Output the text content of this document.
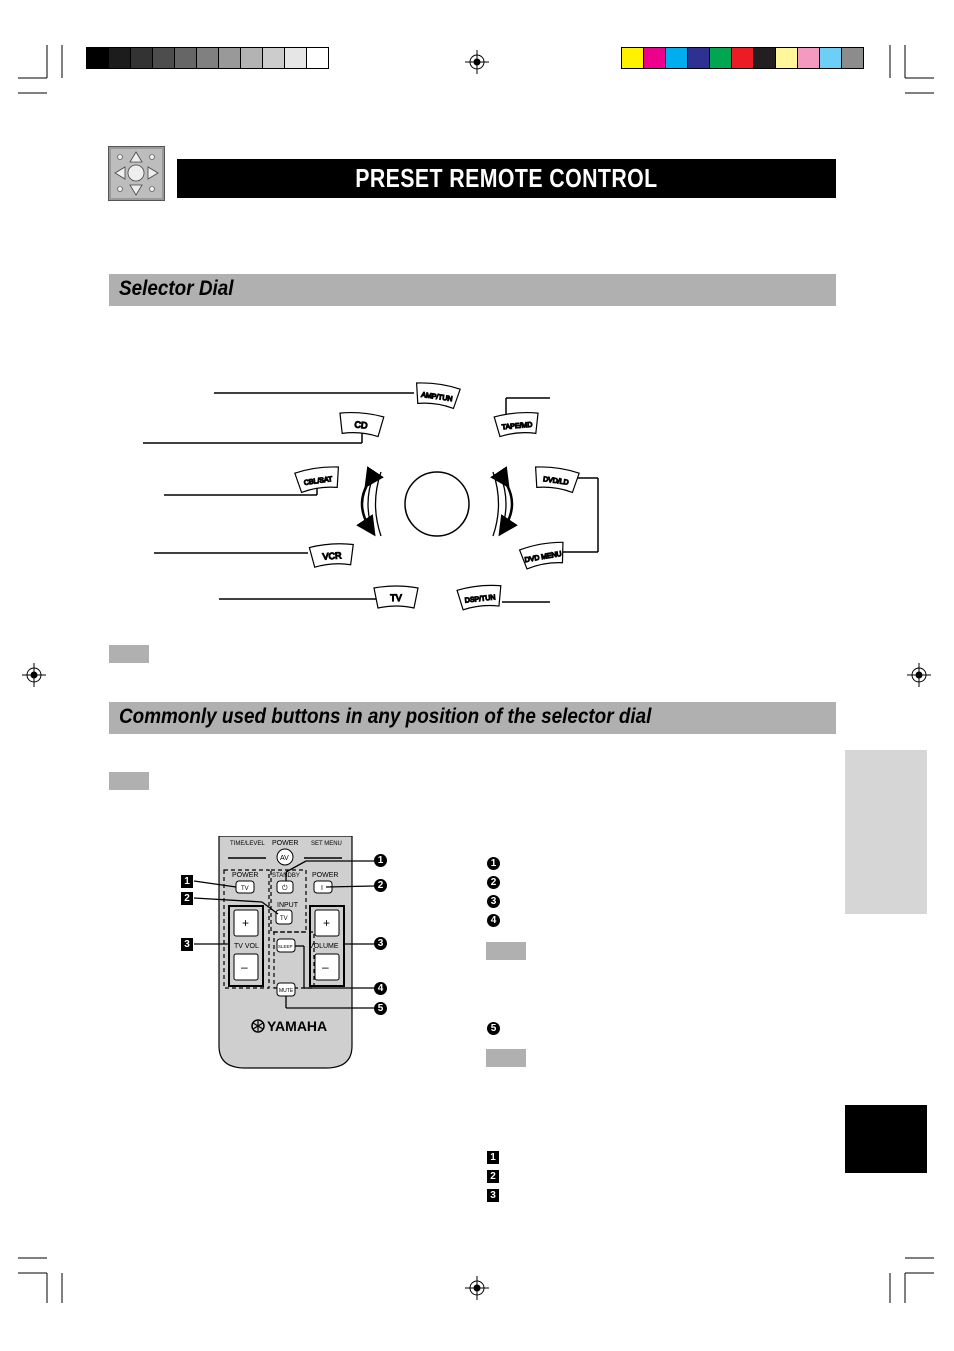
PRESET REMOTE CONTROL
Selector Dial
AMP/TUN
CD
CBL/SAT
VCR
TV
TAPE/MD
DVD/LD
DVD MENU
DSP/TUN
Commonly used buttons in any position of the selector dial
TIME/LEVEL POWER SET MENU
AV
POWER STANDBY POWER
INPUT
TV VOL	VOLUME
TV	⏻	I
TV
+
–
+
–
SLEEP
MUTE
YAMAHA
1
2
3
1
2
3
4
5
1
2
3
4
5
1
2
3
